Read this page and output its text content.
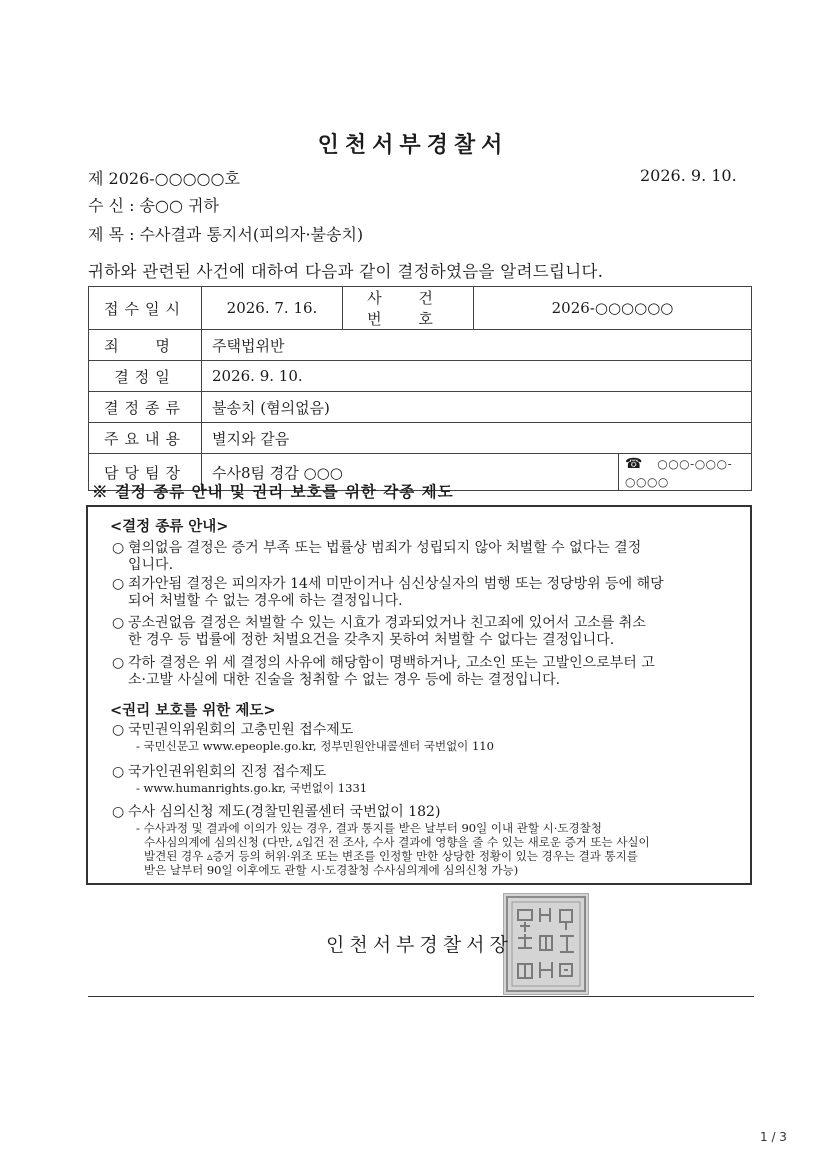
인천서부경찰서
제 2026-○○○○○호	2026. 9. 10.
수 신 : 송○○ 귀하
제 목 : 수사결과 통지서(피의자·불송치)
귀하와 관련된 사건에 대하여 다음과 같이 결정하였음을 알려드립니다.
접수일시	2026. 7. 16.	사 건 번 호	2026-○○○○○○	
죄 명	주택법위반			
결정일	2026. 9. 10.			
결정종류	불송치 (혐의없음)			
주요내용	별지와 같음			
담당팀장	수사8팀 경감 ○○○			☎ ○○○-○○○-○○○○
※ 결정 종류 안내 및 권리 보호를 위한 각종 제도
<결정 종류 안내>
○ 혐의없음 결정은 증거 부족 또는 법률상 범죄가 성립되지 않아 처벌할 수 없다는 결정
입니다.
○ 죄가안됨 결정은 피의자가 14세 미만이거나 심신상실자의 범행 또는 정당방위 등에 해당
되어 처벌할 수 없는 경우에 하는 결정입니다.
○ 공소권없음 결정은 처벌할 수 있는 시효가 경과되었거나 친고죄에 있어서 고소를 취소
한 경우 등 법률에 정한 처벌요건을 갖추지 못하여 처벌할 수 없다는 결정입니다.
○ 각하 결정은 위 세 결정의 사유에 해당함이 명백하거나, 고소인 또는 고발인으로부터 고
소·고발 사실에 대한 진술을 청취할 수 없는 경우 등에 하는 결정입니다.
<권리 보호를 위한 제도>
○ 국민권익위원회의 고충민원 접수제도
- 국민신문고 www.epeople.go.kr, 정부민원안내콜센터 국번없이 110
○ 국가인권위원회의 진정 접수제도
- www.humanrights.go.kr, 국번없이 1331
○ 수사 심의신청 제도(경찰민원콜센터 국번없이 182)
- 수사과정 및 결과에 이의가 있는 경우, 결과 통지를 받은 날부터 90일 이내 관할 시·도경찰청
수사심의계에 심의신청 (다만, ▵입건 전 조사, 수사 결과에 영향을 줄 수 있는 새로운 증거 또는 사실이
발견된 경우 ▵증거 등의 허위·위조 또는 변조를 인정할 만한 상당한 정황이 있는 경우는 결과 통지를
받은 날부터 90일 이후에도 관할 시·도경찰청 수사심의계에 심의신청 가능)
인천서부경찰서장
1 / 3
